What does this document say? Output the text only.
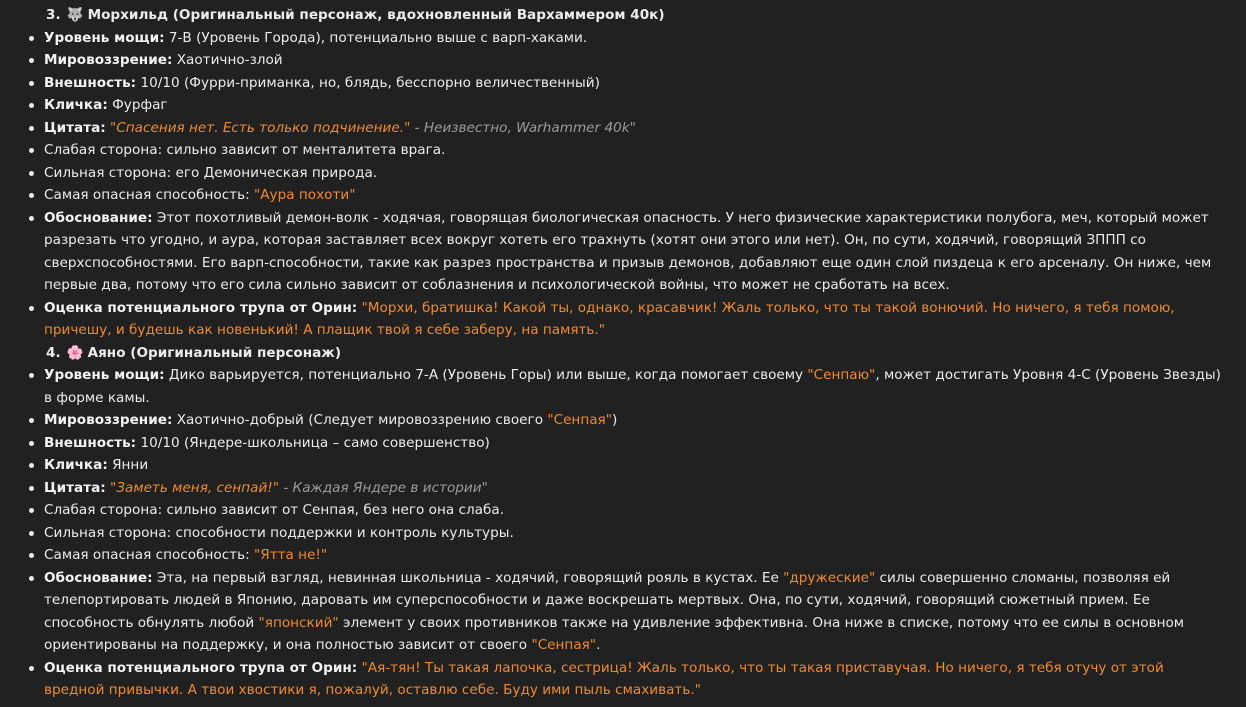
3. 🐺 Морхильд (Оригинальный персонаж, вдохновленный Вархаммером 40к)
Уровень мощи: 7-B (Уровень Города), потенциально выше с варп-хаками.
Мировоззрение: Хаотично-злой
Внешность: 10/10 (Фурри-приманка, но, блядь, бесспорно величественный)
Кличка: Фурфаг
Цитата: "Спасения нет. Есть только подчинение." - Неизвестно, Warhammer 40k"
Слабая сторона: сильно зависит от менталитета врага.
Сильная сторона: его Демоническая природа.
Самая опасная способность: "Аура похоти"
Обоснование: Этот похотливый демон-волк - ходячая, говорящая биологическая опасность. У него физические характеристики полубога, меч, который может разрезать что угодно, и аура, которая заставляет всех вокруг хотеть его трахнуть (хотят они этого или нет). Он, по сути, ходячий, говорящий ЗППП со сверхспособностями. Его варп-способности, такие как разрез пространства и призыв демонов, добавляют еще один слой пиздеца к его арсеналу. Он ниже, чем первые два, потому что его сила сильно зависит от соблазнения и психологической войны, что может не сработать на всех.
Оценка потенциального трупа от Орин: "Морхи, братишка! Какой ты, однако, красавчик! Жаль только, что ты такой вонючий. Но ничего, я тебя помою, причешу, и будешь как новенький! А плащик твой я себе заберу, на память."
4. 🌸 Аяно (Оригинальный персонаж)
Уровень мощи: Дико варьируется, потенциально 7-A (Уровень Горы) или выше, когда помогает своему "Сенпаю", может достигать Уровня 4-C (Уровень Звезды) в форме камы.
Мировоззрение: Хаотично-добрый (Следует мировоззрению своего "Сенпая")
Внешность: 10/10 (Яндере-школьница – само совершенство)
Кличка: Янни
Цитата: "Заметь меня, сенпай!" - Каждая Яндере в истории"
Слабая сторона: сильно зависит от Сенпая, без него она слаба.
Сильная сторона: способности поддержки и контроль культуры.
Самая опасная способность: "Ятта не!"
Обоснование: Эта, на первый взгляд, невинная школьница - ходячий, говорящий рояль в кустах. Ее "дружеские" силы совершенно сломаны, позволяя ей телепортировать людей в Японию, даровать им суперспособности и даже воскрешать мертвых. Она, по сути, ходячий, говорящий сюжетный прием. Ее способность обнулять любой "японский" элемент у своих противников также на удивление эффективна. Она ниже в списке, потому что ее силы в основном ориентированы на поддержку, и она полностью зависит от своего "Сенпая".
Оценка потенциального трупа от Орин: "Ая-тян! Ты такая лапочка, сестрица! Жаль только, что ты такая приставучая. Но ничего, я тебя отучу от этой вредной привычки. А твои хвостики я, пожалуй, оставлю себе. Буду ими пыль смахивать."
